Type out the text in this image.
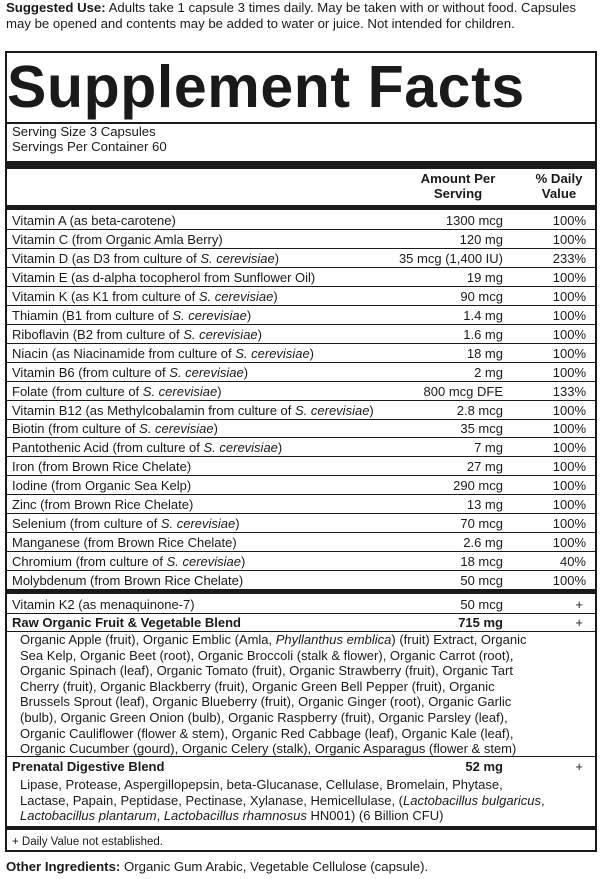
Suggested Use: Adults take 1 capsule 3 times daily. May be taken with or without food. Capsules may be opened and contents may be added to water or juice. Not intended for children.
Supplement Facts
Serving Size 3 Capsules
Servings Per Container 60
Amount Per
Serving
% Daily
Value
Vitamin A (as beta-carotene)	1300 mcg	100%
Vitamin C (from Organic Amla Berry)	120 mg	100%
Vitamin D (as D3 from culture of S. cerevisiae)	35 mcg (1,400 IU)	233%
Vitamin E (as d-alpha tocopherol from Sunflower Oil)	19 mg	100%
Vitamin K (as K1 from culture of S. cerevisiae)	90 mcg	100%
Thiamin (B1 from culture of S. cerevisiae)	1.4 mg	100%
Riboflavin (B2 from culture of S. cerevisiae)	1.6 mg	100%
Niacin (as Niacinamide from culture of S. cerevisiae)	18 mg	100%
Vitamin B6 (from culture of S. cerevisiae)	2 mg	100%
Folate (from culture of S. cerevisiae)	800 mcg DFE	133%
Vitamin B12 (as Methylcobalamin from culture of S. cerevisiae)	2.8 mcg	100%
Biotin (from culture of S. cerevisiae)	35 mcg	100%
Pantothenic Acid (from culture of S. cerevisiae)	7 mg	100%
Iron (from Brown Rice Chelate)	27 mg	100%
Iodine (from Organic Sea Kelp)	290 mcg	100%
Zinc (from Brown Rice Chelate)	13 mg	100%
Selenium (from culture of S. cerevisiae)	70 mcg	100%
Manganese (from Brown Rice Chelate)	2.6 mg	100%
Chromium (from culture of S. cerevisiae)	18 mcg	40%
Molybdenum (from Brown Rice Chelate)	50 mcg	100%
Vitamin K2 (as menaquinone-7)	50 mcg	+
Raw Organic Fruit & Vegetable Blend	715 mg	+
Organic Apple (fruit), Organic Emblic (Amla, Phyllanthus emblica) (fruit) Extract, Organic
Sea Kelp, Organic Beet (root), Organic Broccoli (stalk & flower), Organic Carrot (root),
Organic Spinach (leaf), Organic Tomato (fruit), Organic Strawberry (fruit), Organic Tart
Cherry (fruit), Organic Blackberry (fruit), Organic Green Bell Pepper (fruit), Organic
Brussels Sprout (leaf), Organic Blueberry (fruit), Organic Ginger (root), Organic Garlic
(bulb), Organic Green Onion (bulb), Organic Raspberry (fruit), Organic Parsley (leaf),
Organic Cauliflower (flower & stem), Organic Red Cabbage (leaf), Organic Kale (leaf),
Organic Cucumber (gourd), Organic Celery (stalk), Organic Asparagus (flower & stem)
Prenatal Digestive Blend	52 mg	+
Lipase, Protease, Aspergillopepsin, beta-Glucanase, Cellulase, Bromelain, Phytase,
Lactase, Papain, Peptidase, Pectinase, Xylanase, Hemicellulase, (Lactobacillus bulgaricus,
Lactobacillus plantarum, Lactobacillus rhamnosus HN001) (6 Billion CFU)
+ Daily Value not established.
Other Ingredients: Organic Gum Arabic, Vegetable Cellulose (capsule).
